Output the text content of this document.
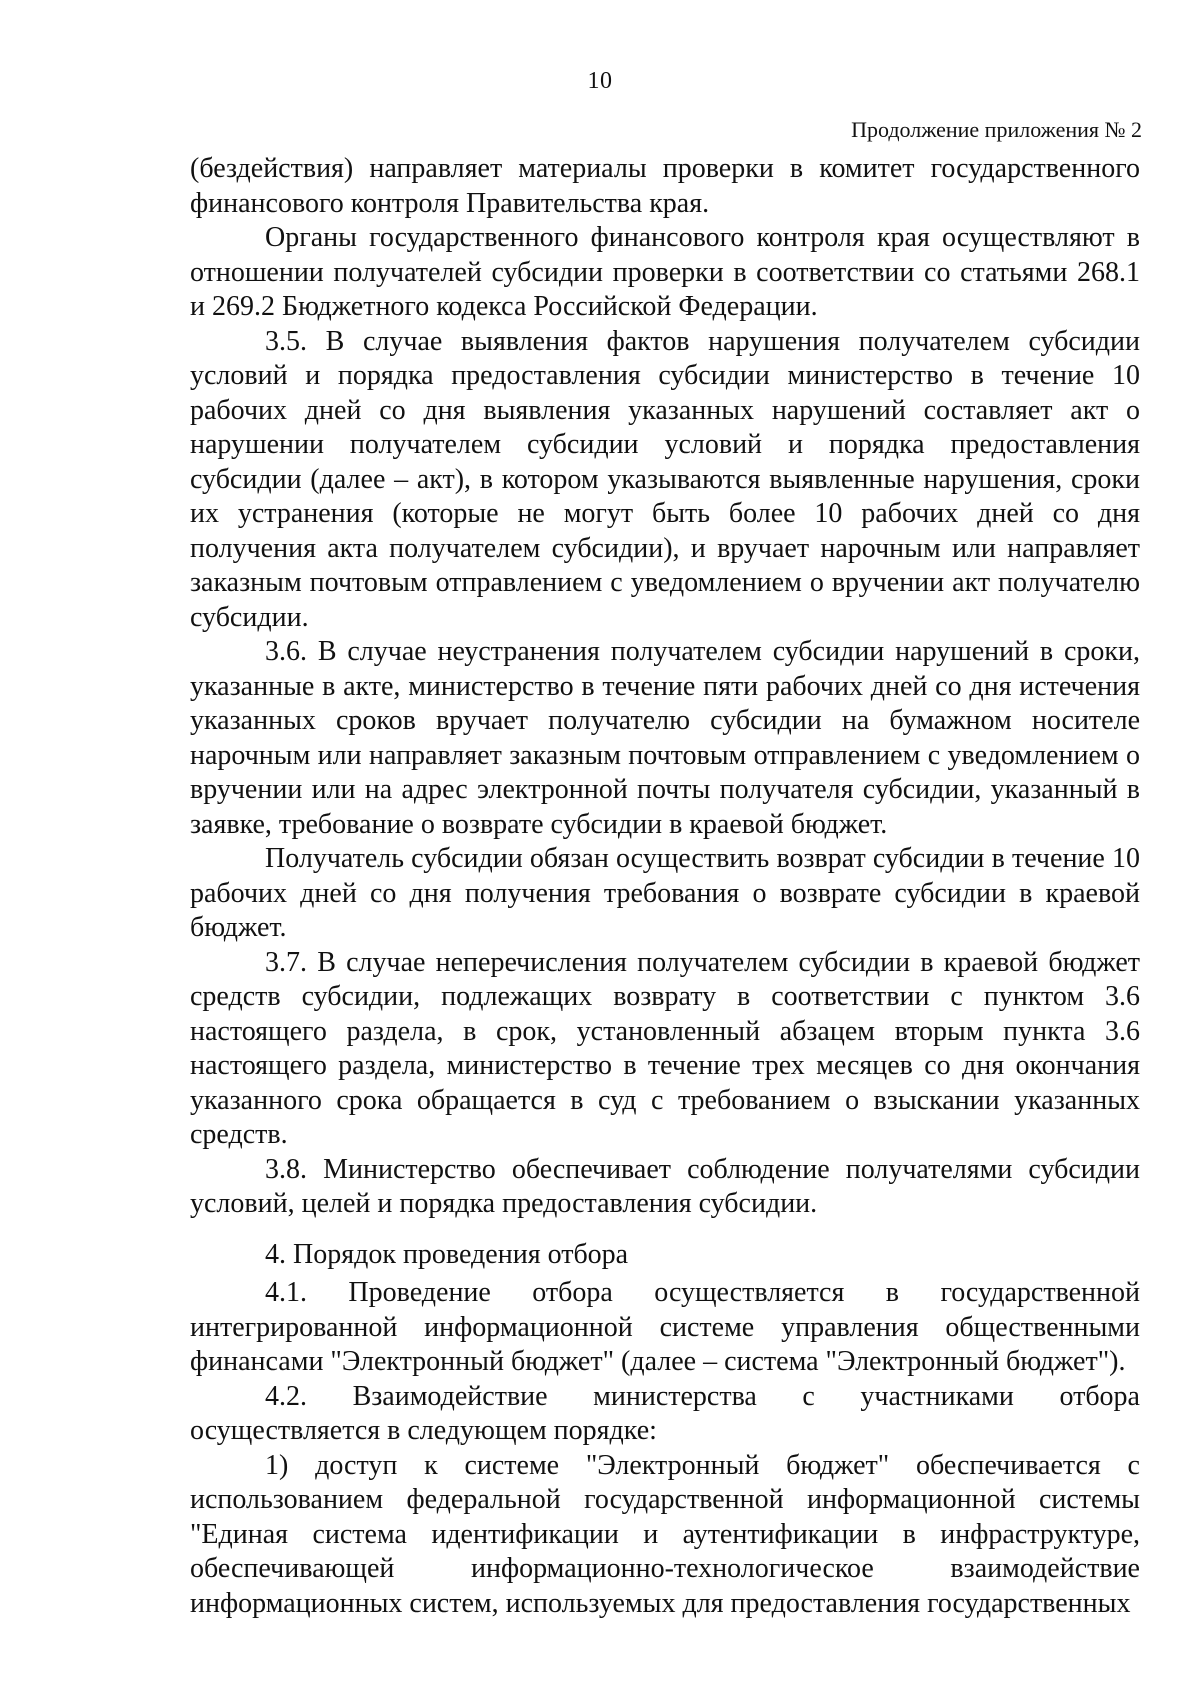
10
Продолжение приложения № 2

(бездействия) направляет материалы проверки в комитет государственного финансового контроля Правительства края.

Органы государственного финансового контроля края осуществляют в отношении получателей субсидии проверки в соответствии со статьями 268.1 и 269.2 Бюджетного кодекса Российской Федерации.

3.5. В случае выявления фактов нарушения получателем субсидии условий и порядка предоставления субсидии министерство в течение 10 рабочих дней со дня выявления указанных нарушений составляет акт о нарушении получателем субсидии условий и порядка предоставления субсидии (далее – акт), в котором указываются выявленные нарушения, сроки их устранения (которые не могут быть более 10 рабочих дней со дня получения акта получателем субсидии), и вручает нарочным или направляет заказным почтовым отправлением с уведомлением о вручении акт получателю субсидии.

3.6. В случае неустранения получателем субсидии нарушений в сроки, указанные в акте, министерство в течение пяти рабочих дней со дня истечения указанных сроков вручает получателю субсидии на бумажном носителе нарочным или направляет заказным почтовым отправлением с уведомлением о вручении или на адрес электронной почты получателя субсидии, указанный в заявке, требование о возврате субсидии в краевой бюджет.

Получатель субсидии обязан осуществить возврат субсидии в течение 10 рабочих дней со дня получения требования о возврате субсидии в краевой бюджет.

3.7. В случае неперечисления получателем субсидии в краевой бюджет средств субсидии, подлежащих возврату в соответствии с пунктом 3.6 настоящего раздела, в срок, установленный абзацем вторым пункта 3.6 настоящего раздела, министерство в течение трех месяцев со дня окончания указанного срока обращается в суд с требованием о взыскании указанных средств.

3.8. Министерство обеспечивает соблюдение получателями субсидии условий, целей и порядка предоставления субсидии.

4. Порядок проведения отбора

4.1. Проведение отбора осуществляется в государственной интегрированной информационной системе управления общественными финансами "Электронный бюджет" (далее – система "Электронный бюджет").

4.2. Взаимодействие министерства с участниками отбора осуществляется в следующем порядке:

1) доступ к системе "Электронный бюджет" обеспечивается с использованием федеральной государственной информационной системы "Единая система идентификации и аутентификации в инфраструктуре, обеспечивающей информационно-технологическое взаимодействие информационных систем, используемых для предоставления государственных
